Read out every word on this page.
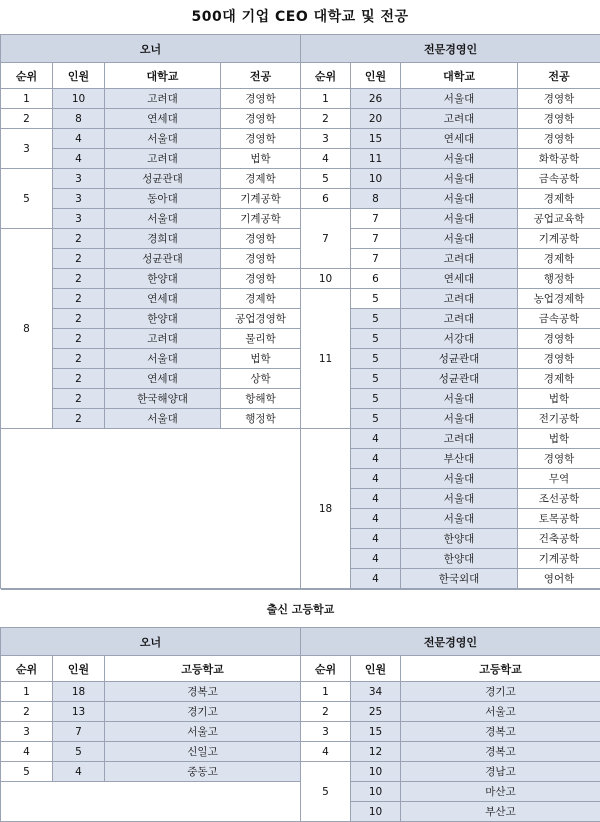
500대 기업 CEO 대학교 및 전공
오너				전문경영인			
순위	인원	대학교	전공	순위	인원	대학교	전공
1	10	고려대	경영학	1	26	서울대	경영학
2	8	연세대	경영학	2	20	고려대	경영학
3	4	서울대	경영학	3	15	연세대	경영학
	4	고려대	법학	4	11	서울대	화학공학
5	3	성균관대	경제학	5	10	서울대	금속공학
	3	동아대	기계공학	6	8	서울대	경제학
	3	서울대	기계공학	7	7	서울대	공업교육학
8	2	경희대	경영학		7	서울대	기계공학
	2	성균관대	경영학		7	고려대	경제학
	2	한양대	경영학	10	6	연세대	행정학
	2	연세대	경제학	11	5	고려대	농업경제학
	2	한양대	공업경영학		5	고려대	금속공학
	2	고려대	물리학		5	서강대	경영학
	2	서울대	법학		5	성균관대	경영학
	2	연세대	상학		5	성균관대	경제학
	2	한국해양대	항해학		5	서울대	법학
	2	서울대	행정학		5	서울대	전기공학
				18	4	고려대	법학
					4	부산대	경영학
					4	서울대	무역
					4	서울대	조선공학
					4	서울대	토목공학
					4	한양대	건축공학
					4	한양대	기계공학
					4	한국외대	영어학
출신 고등학교					
오너			전문경영인		
순위	인원	고등학교	순위	인원	고등학교
1	18	경복고	1	34	경기고
2	13	경기고	2	25	서울고
3	7	서울고	3	15	경복고
4	5	신일고	4	12	경복고
5	4	중동고	5	10	경남고
				10	마산고
				10	부산고
